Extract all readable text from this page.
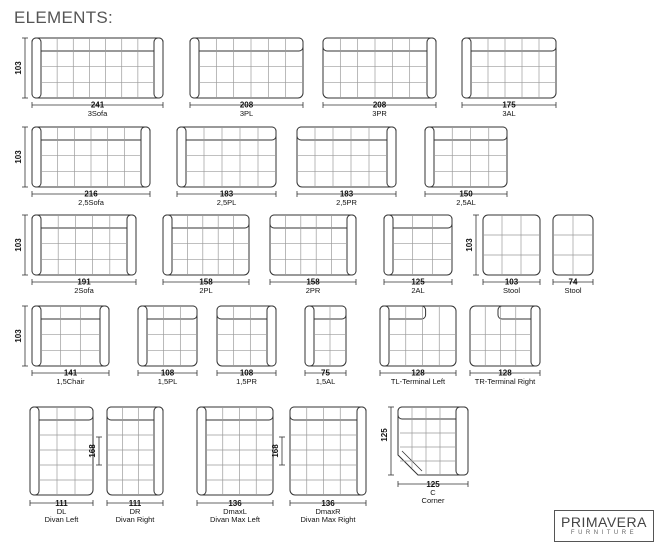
ELEMENTS:
241
3Sofa
103
208
3PL
208
3PR
175
3AL
216
2,5Sofa
103
183
2,5PL
183
2,5PR
150
2,5AL
191
2Sofa
103
158
2PL
158
2PR
125
2AL
103
Stool
103
74
Stool
141
1,5Chair
103
108
1,5PL
108
1,5PR
75
1,5AL
128
TL-Terminal Left
128
TR-Terminal Right
111
DL
Divan Left
111
DR
Divan Right
168
136
DmaxL
Divan Max Left
136
DmaxR
Divan Max Right
168
125
C
Corner
125
PRIMAVERA
FURNITURE
